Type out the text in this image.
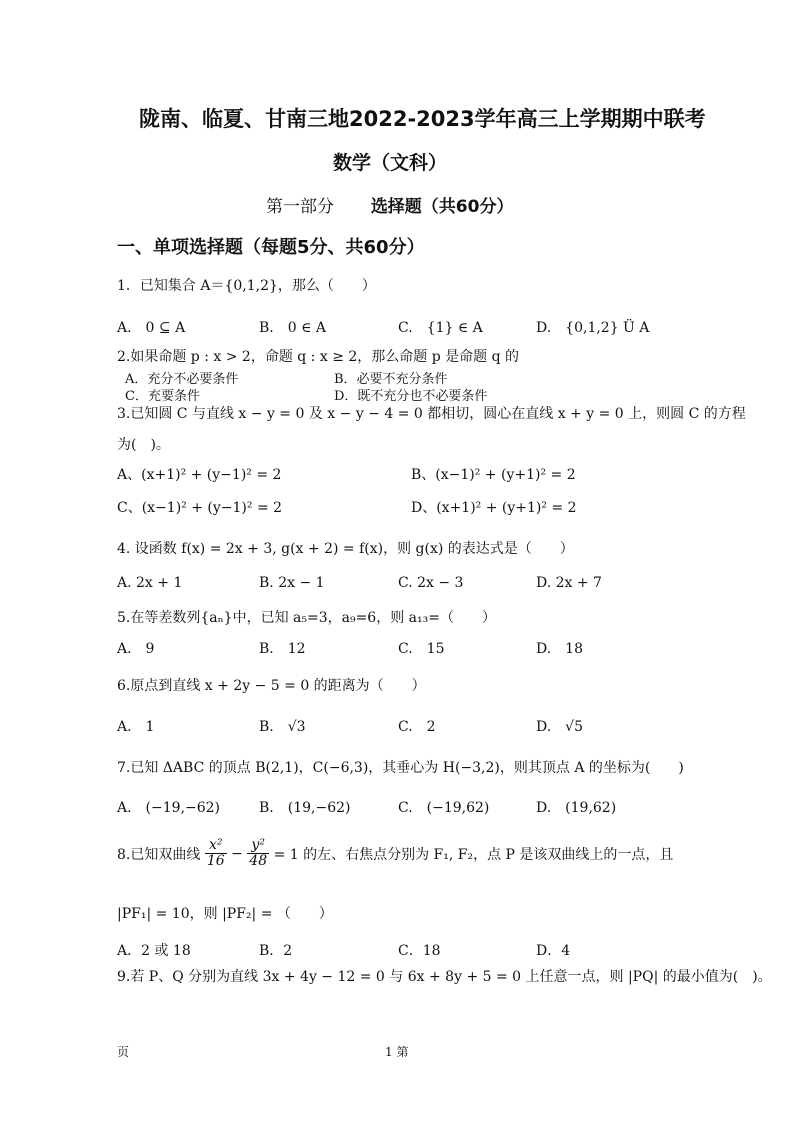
陇南、临夏、甘南三地2022-2023学年高三上学期期中联考
数学（文科）
第一部分 选择题（共60分）
一、单项选择题（每题5分、共60分）
1．已知集合 A＝{0,1,2}，那么（　　）
A.　0 ⊆ A	B.　0 ∈ A	C.　{1} ∈ A	D.　{0,1,2} Ü A
2.如果命题 p : x > 2，命题 q : x ≥ 2，那么命题 p 是命题 q 的
A．充分不必要条件	B．必要不充分条件
C．充要条件	D．既不充分也不必要条件
3.已知圆 C 与直线 x − y = 0 及 x − y − 4 = 0 都相切，圆心在直线 x + y = 0 上，则圆 C 的方程
为(　)。
A、(x+1)² + (y−1)² = 2	B、(x−1)² + (y+1)² = 2
C、(x−1)² + (y−1)² = 2	D、(x+1)² + (y+1)² = 2
4. 设函数 f(x) = 2x + 3, g(x + 2) = f(x)，则 g(x) 的表达式是（　　）
A. 2x + 1	B. 2x − 1	C. 2x − 3	D. 2x + 7
5.在等差数列{aₙ}中，已知 a₅=3，a₉=6，则 a₁₃=（　　）
A.　9	B.　12	C.　15	D.　18
6.原点到直线 x + 2y − 5 = 0 的距离为（　　）
A.　1	B.　√3	C.　2	D.　√5
7.已知 ΔABC 的顶点 B(2,1)，C(−6,3)，其垂心为 H(−3,2)，则其顶点 A 的坐标为(　　)
A.　(−19,−62)	B.　(19,−62)	C.　(−19,62)	D.　(19,62)
8.已知双曲线 $\frac{\text{x²}}{16} - \frac{\text{y²}}{48} = 1$ 的左、右焦点分别为 F₁, F₂，点 P 是该双曲线上的一点，且
|PF₁| = 10，则 |PF₂| = （　　）
A．2 或 18	B．2	C．18	D．4
9.若 P、Q 分别为直线 3x + 4y − 12 = 0 与 6x + 8y + 5 = 0 上任意一点，则 |PQ| 的最小值为(　)。
页	1 第
